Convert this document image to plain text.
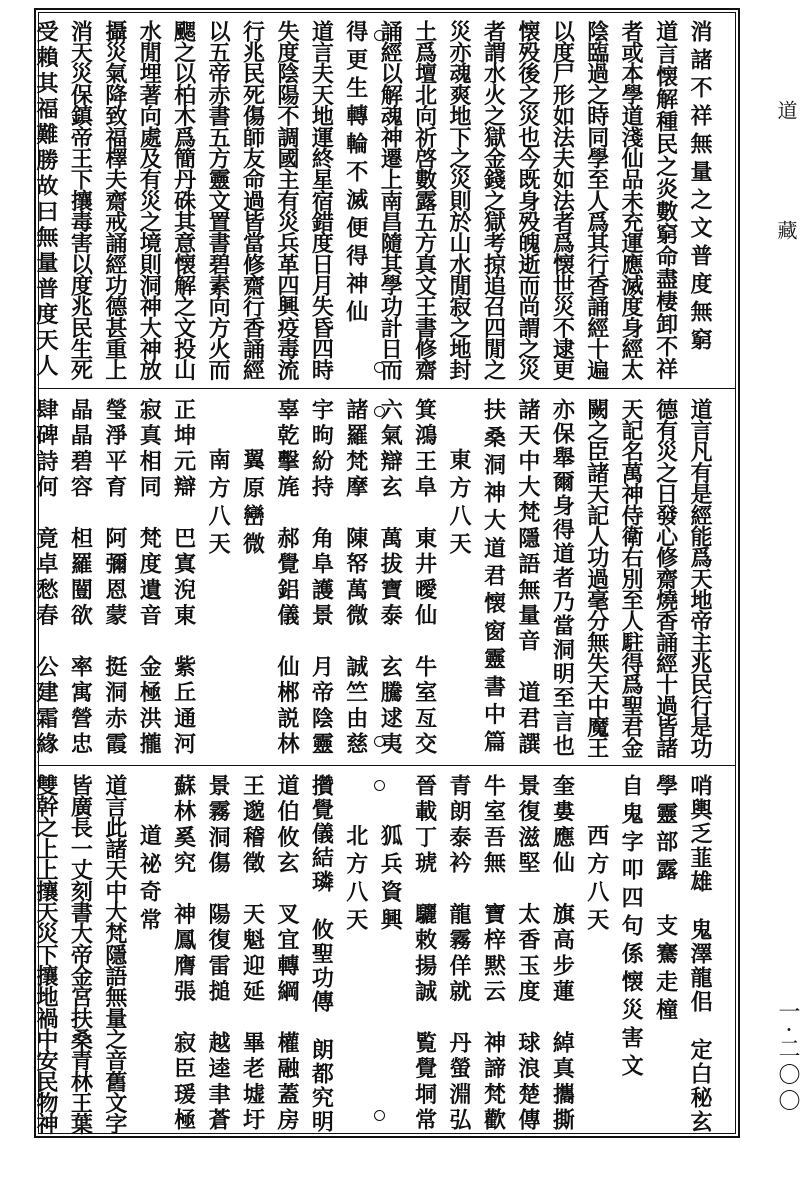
道　藏
一·二〇〇
消諸不祥無量之文普度無窮
道言懐解種民之炎數窮命盡棲卸不祥
者或本學道淺仙品未充運應滅度身經太
陰臨過之時同學至人爲其行香誦經十遍
以度尸形如法夫如法者爲懐世災不逮更
懐殁後之災也今既身殁魄逝而尚謂之災
者謂水火之獄金錢之獄考掠追召四閒之
災亦魂爽地下之災則於山水閒寂之地封
土爲壇北向祈啓數露五方真文王書修齋
誦經以解魂神遷上南昌隨其學功計日而
得更生轉輪不滅便得神仙
道言夫天地運終星宿錯度日月失昏四時
失度陰陽不調國主有災兵革四興疫毒流
行兆民死傷師友命過皆當修齋行香誦經
以五帝赤書五方靈文置書碧素向方火而
颸之以柏木爲簡丹硃其意懐解之文投山
水閒埋著向處及有災之境則洞神大神放
攝災氣降致福檡夫齋戒誦經功德甚重上
消天災保鎮帝王下攘毒害以度兆民生死
受賴其福難勝故曰無量普度天人
道言凡有是經能爲天地帝主兆民行是功
德有災之日發心修齋燒香誦經十過皆諸
天記名萬神侍衛右別至人駐得爲聖君金
闕之臣諸天記人功過毫分無失天中魔王
亦保舉爾身得道者乃當洞明至言也
諸天中大梵隱語無量音　道君譔
扶桑洞神大道君懐窗靈書中篇
東方八天
箕鴻王阜　東井曖仙　牛室亙交
六氣辯玄　萬拔寶泰　玄騰逑夷
諸羅梵摩　陳帑萬微　誠竺由慈
宇昫紛持　角阜護景　月帝陰靈
辜乾擊旄　郝覺鋁儀　仙郴説林
翼原巒微
南方八天
正坤元辯　巴寘淣東　紫丘通河
寂真相同　梵度遺音　金極洪攏
瑩淨平育　阿彌恩蒙　挺洞赤霞
晶晶碧容　柦羅闓欲　率寓營忠
肆碑詩何　竟卓愁春　公建霜緣
哨輿乏韮雄　鬼澤龍佀　定白秘玄
學靈部露　支騫走橦
自鬼字叩四句係懐災害文
西方八天
奎婁應仙　旗高步蓮　綽真攜撕
景復滋堅　太香玉度　球浪楚傳
牛室吾無　寶梓黙云　神諦梵歡
青朗泰衿　龍霧佯就　丹螢淵弘
晉載丁琥　驪敕揚誠　覧覺垌常
狐兵資興
北方八天
攢覺儀結璘　攸聖功傳　朗都究明
道伯攸玄　叉宜轉綱　權融蓋房
王邈稽徵　天魁迎延　畢老墟圩
景霧洞傷　陽復雷搥　越逵聿蒼
蘇林奚究　神鳳膺張　寂臣瑗極
道祕奇常
道言此諸天中大梵隱語無量之音舊文字
皆廣長一丈刻書大帝金宮扶桑青林王葉
雙幹之上上攘天災下攘地禍中安民物神
